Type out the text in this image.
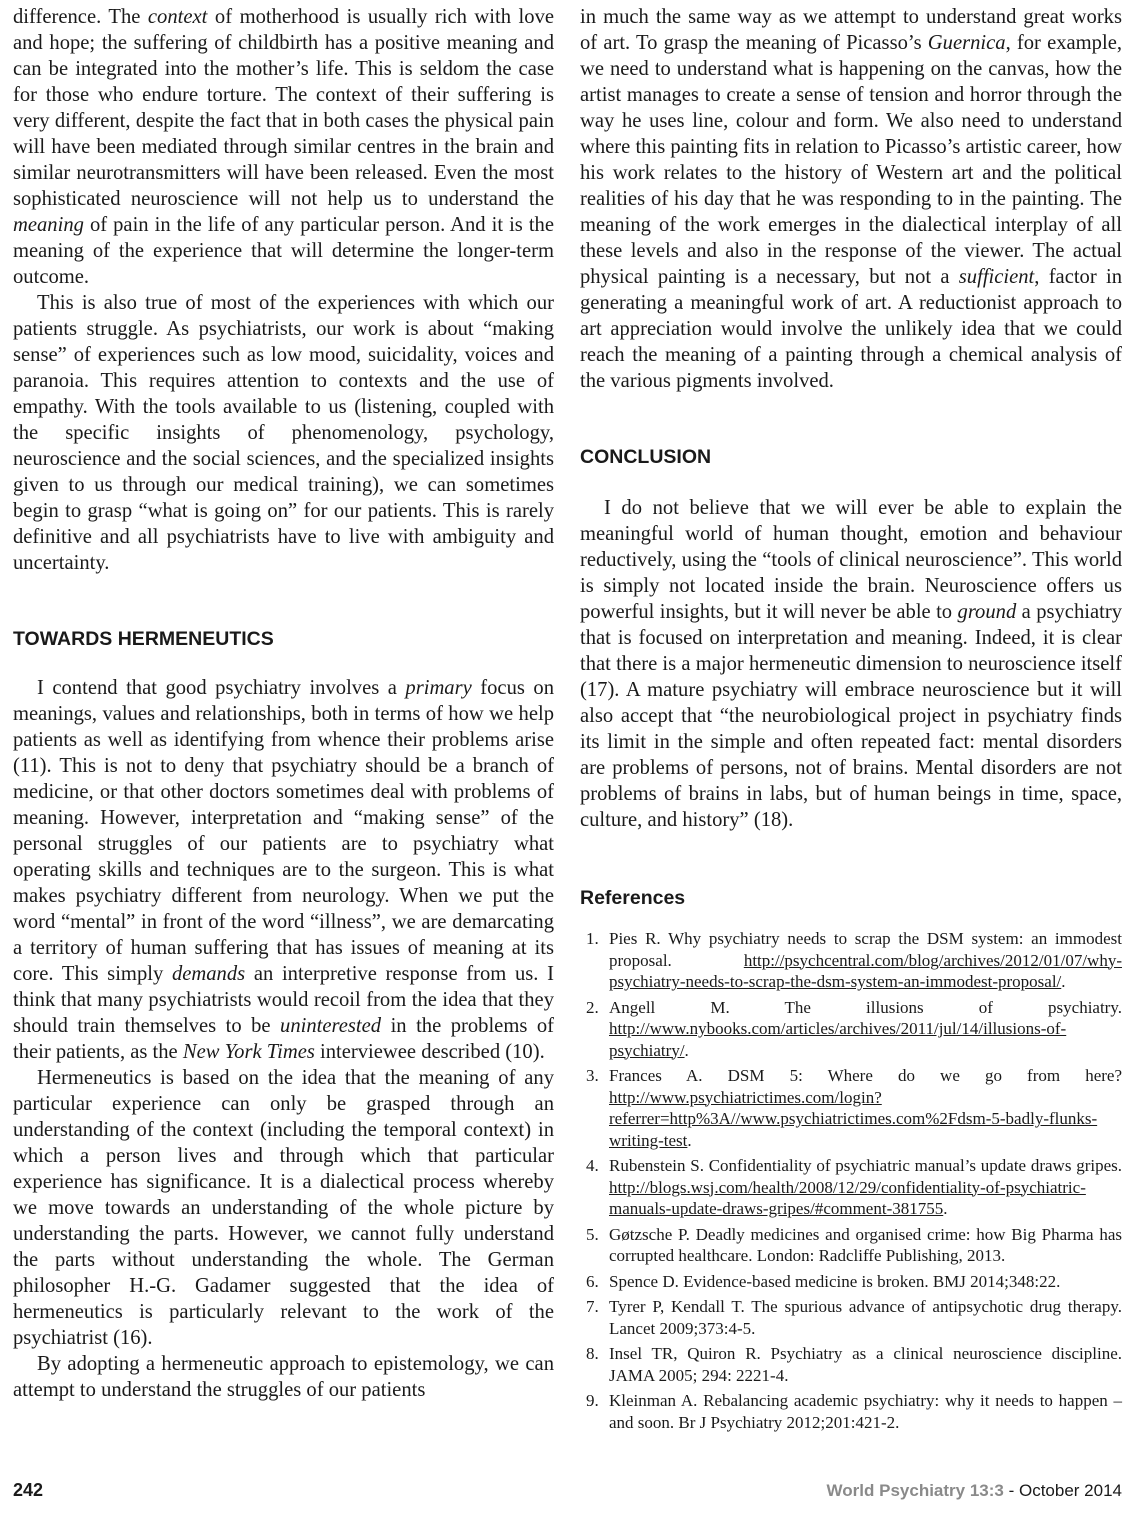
difference. The context of motherhood is usually rich with love and hope; the suffering of childbirth has a positive meaning and can be integrated into the mother’s life. This is seldom the case for those who endure torture. The context of their suffering is very different, despite the fact that in both cases the physical pain will have been mediated through similar centres in the brain and similar neurotransmitters will have been released. Even the most sophisticated neuroscience will not help us to understand the meaning of pain in the life of any particular person. And it is the meaning of the experience that will determine the longer-term outcome.

This is also true of most of the experiences with which our patients struggle. As psychiatrists, our work is about “making sense” of experiences such as low mood, suicidality, voices and paranoia. This requires attention to contexts and the use of empathy. With the tools available to us (listening, coupled with the specific insights of phenomenology, psychology, neuroscience and the social sciences, and the specialized insights given to us through our medical training), we can sometimes begin to grasp “what is going on” for our patients. This is rarely definitive and all psychiatrists have to live with ambiguity and uncertainty.

TOWARDS HERMENEUTICS

I contend that good psychiatry involves a primary focus on meanings, values and relationships, both in terms of how we help patients as well as identifying from whence their problems arise (11). This is not to deny that psychiatry should be a branch of medicine, or that other doctors sometimes deal with problems of meaning. However, interpretation and “making sense” of the personal struggles of our patients are to psychiatry what operating skills and techniques are to the surgeon. This is what makes psychiatry different from neurology. When we put the word “mental” in front of the word “illness”, we are demarcating a territory of human suffering that has issues of meaning at its core. This simply demands an interpretive response from us. I think that many psychiatrists would recoil from the idea that they should train themselves to be uninterested in the problems of their patients, as the New York Times interviewee described (10).

Hermeneutics is based on the idea that the meaning of any particular experience can only be grasped through an understanding of the context (including the temporal context) in which a person lives and through which that particular experience has significance. It is a dialectical process whereby we move towards an understanding of the whole picture by understanding the parts. However, we cannot fully understand the parts without understanding the whole. The German philosopher H.-G. Gadamer suggested that the idea of hermeneutics is particularly relevant to the work of the psychiatrist (16).

By adopting a hermeneutic approach to epistemology, we can attempt to understand the struggles of our patients

in much the same way as we attempt to understand great works of art. To grasp the meaning of Picasso’s Guernica, for example, we need to understand what is happening on the canvas, how the artist manages to create a sense of tension and horror through the way he uses line, colour and form. We also need to understand where this painting fits in relation to Picasso’s artistic career, how his work relates to the history of Western art and the political realities of his day that he was responding to in the painting. The meaning of the work emerges in the dialectical interplay of all these levels and also in the response of the viewer. The actual physical painting is a necessary, but not a sufficient, factor in generating a meaningful work of art. A reductionist approach to art appreciation would involve the unlikely idea that we could reach the meaning of a painting through a chemical analysis of the various pigments involved.

CONCLUSION

I do not believe that we will ever be able to explain the meaningful world of human thought, emotion and behaviour reductively, using the “tools of clinical neuroscience”. This world is simply not located inside the brain. Neuroscience offers us powerful insights, but it will never be able to ground a psychiatry that is focused on interpretation and meaning. Indeed, it is clear that there is a major hermeneutic dimension to neuroscience itself (17). A mature psychiatry will embrace neuroscience but it will also accept that “the neurobiological project in psychiatry finds its limit in the simple and often repeated fact: mental disorders are problems of persons, not of brains. Mental disorders are not problems of brains in labs, but of human beings in time, space, culture, and history” (18).

References
1. Pies R. Why psychiatry needs to scrap the DSM system: an immodest proposal. http://psychcentral.com/blog/archives/2012/01/07/why-psychiatry-needs-to-scrap-the-dsm-system-an-immodest-proposal/.
2. Angell M. The illusions of psychiatry. http://www.nybooks.com/articles/archives/2011/jul/14/illusions-of-psychiatry/.
3. Frances A. DSM 5: Where do we go from here? http://www.psychiatrictimes.com/login?referrer=http%3A//www.psychiatrictimes.com%2Fdsm-5-badly-flunks-writing-test.
4. Rubenstein S. Confidentiality of psychiatric manual’s update draws gripes. http://blogs.wsj.com/health/2008/12/29/confidentiality-of-psychiatric-manuals-update-draws-gripes/#comment-381755.
5. Gøtzsche P. Deadly medicines and organised crime: how Big Pharma has corrupted healthcare. London: Radcliffe Publishing, 2013.
6. Spence D. Evidence-based medicine is broken. BMJ 2014;348:22.
7. Tyrer P, Kendall T. The spurious advance of antipsychotic drug therapy. Lancet 2009;373:4-5.
8. Insel TR, Quiron R. Psychiatry as a clinical neuroscience discipline. JAMA 2005; 294: 2221-4.
9. Kleinman A. Rebalancing academic psychiatry: why it needs to happen – and soon. Br J Psychiatry 2012;201:421-2.
242	World Psychiatry 13:3 - October 2014
